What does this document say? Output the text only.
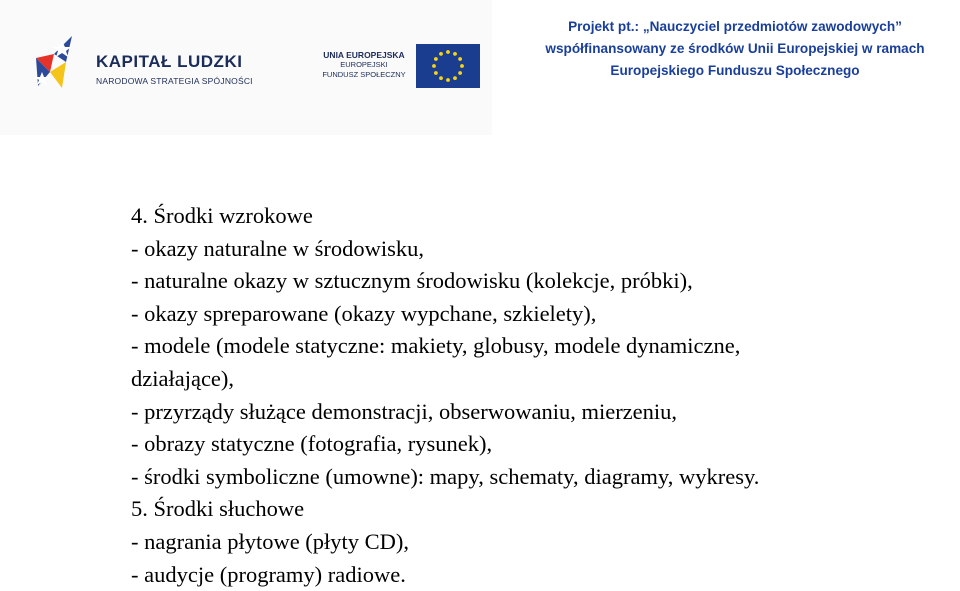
KAPITAŁ LUDZKI
NARODOWA STRATEGIA SPÓJNOŚCI
UNIA EUROPEJSKA
EUROPEJSKI
FUNDUSZ SPOŁECZNY
Projekt pt.: „Nauczyciel przedmiotów zawodowych”
współfinansowany ze środków Unii Europejskiej w ramach
Europejskiego Funduszu Społecznego
4. Środki wzrokowe
- okazy naturalne w środowisku,
- naturalne okazy w sztucznym środowisku (kolekcje, próbki),
- okazy spreparowane (okazy wypchane, szkielety),
- modele (modele statyczne: makiety, globusy, modele dynamiczne,
działające),
- przyrządy służące demonstracji, obserwowaniu, mierzeniu,
- obrazy statyczne (fotografia, rysunek),
- środki symboliczne (umowne): mapy, schematy, diagramy, wykresy.
5. Środki słuchowe
- nagrania płytowe (płyty CD),
- audycje (programy) radiowe.
